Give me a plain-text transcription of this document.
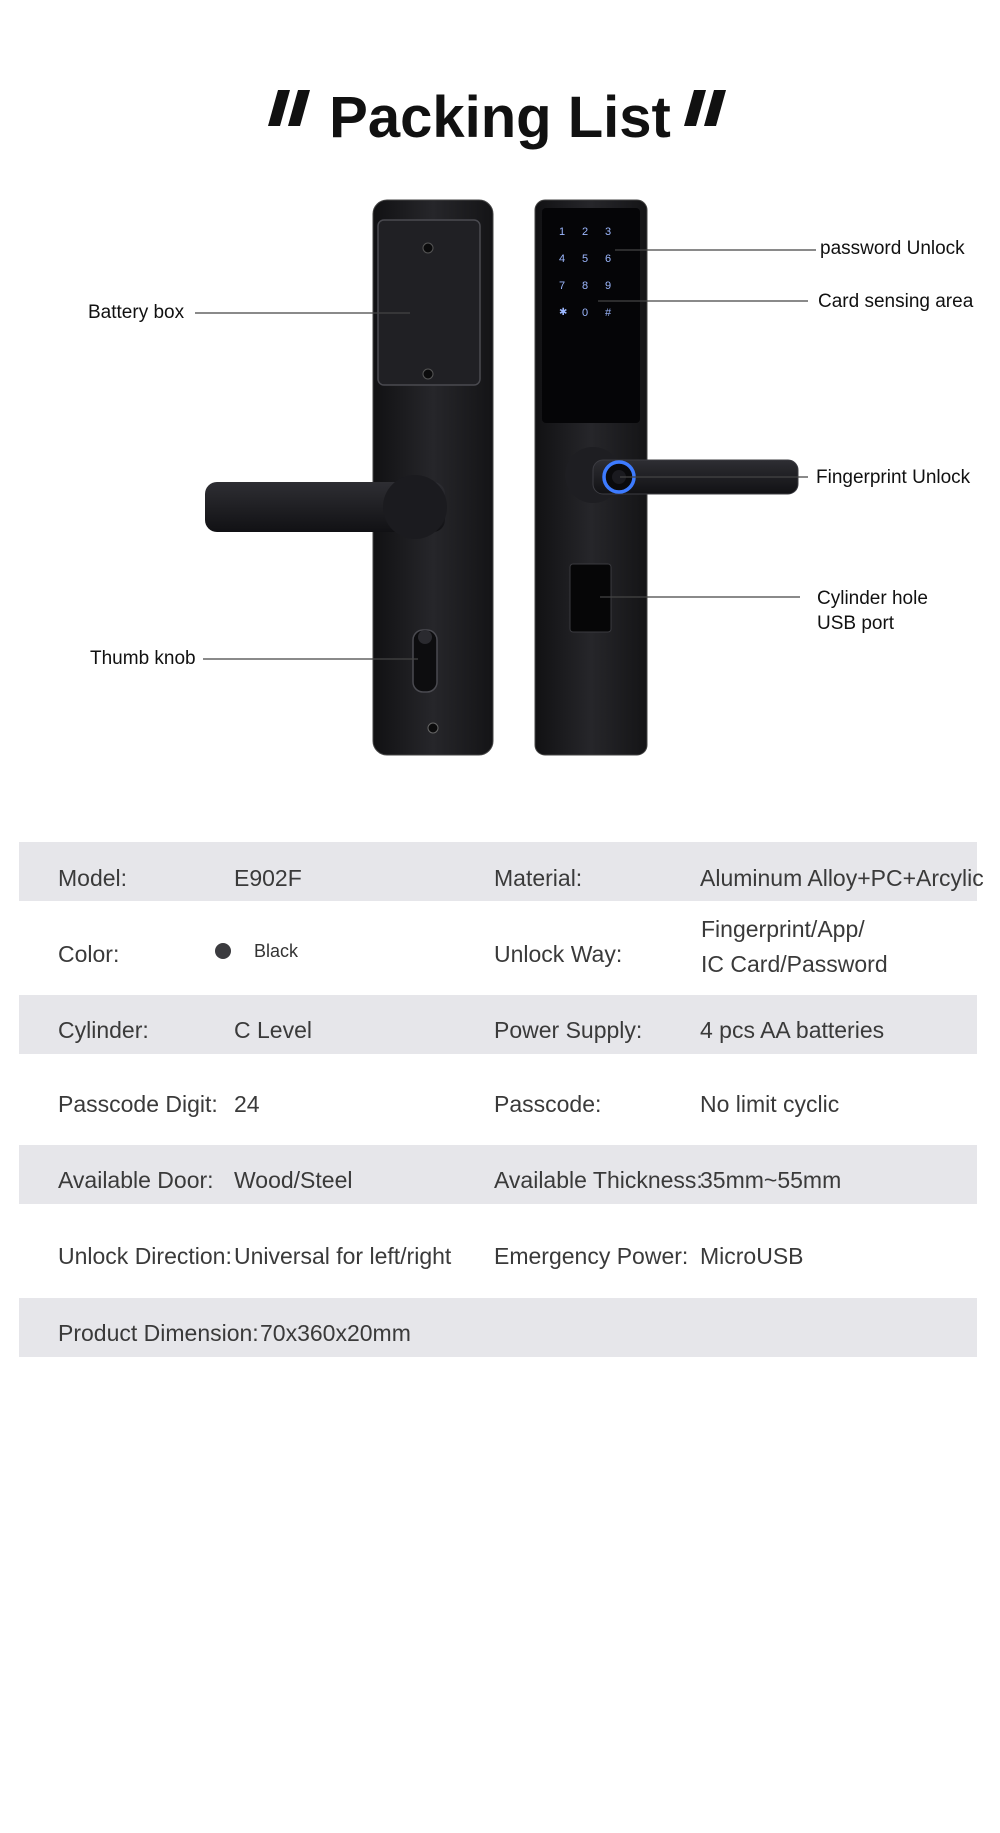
Packing List
1 2 3
4 5 6
7 8 9
✱ 0 #
Battery box
Thumb knob
password Unlock
Card sensing area
Fingerprint Unlock
Cylinder hole
USB port
Model:	E902F	Material:	Aluminum Alloy+PC+Arcylic
Color:	Black	Unlock Way:
Fingerprint/App/
IC Card/Password
Cylinder:	C Level	Power Supply:	4 pcs AA batteries
Passcode Digit: 24	Passcode:	No limit cyclic
Available Door: Wood/Steel	Available Thickness:
35mm~55mm
Unlock Direction: Universal for left/right Emergency Power: MicroUSB
Product Dimension: 70x360x20mm
